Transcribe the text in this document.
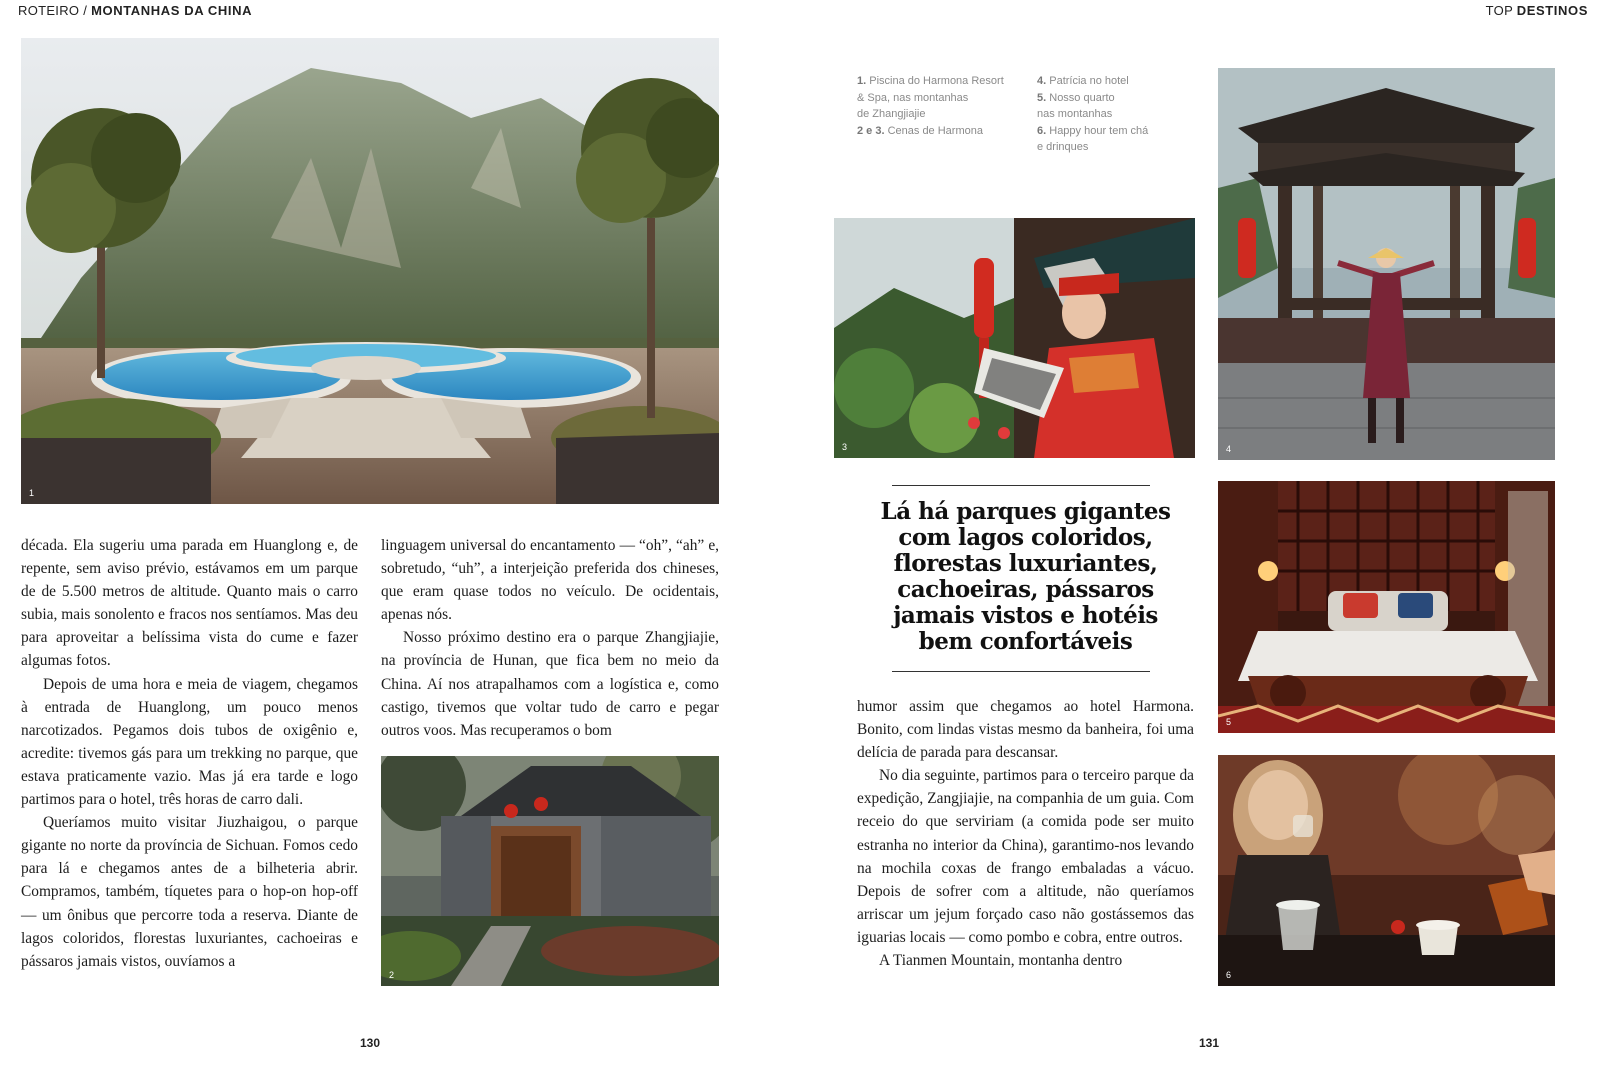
ROTEIRO / MONTANHAS DA CHINA	TOP DESTINOS
1

década. Ela sugeriu uma parada em Huanglong e, de repente, sem aviso prévio, estávamos em um parque de de 5.500 metros de altitude. Quanto mais o carro subia, mais sonolento e fracos nos sentíamos. Mas deu para aproveitar a belíssima vista do cume e fazer algumas fotos.

Depois de uma hora e meia de viagem, chegamos à entrada de Huanglong, um pouco menos narcotizados. Pegamos dois tubos de oxigênio e, acredite: tivemos gás para um trekking no parque, que estava praticamente vazio. Mas já era tarde e logo partimos para o hotel, três horas de carro dali.

Queríamos muito visitar Jiuzhaigou, o parque gigante no norte da província de Sichuan. Fomos cedo para lá e chegamos antes de a bilheteria abrir. Compramos, também, tíquetes para o hop-on hop-off — um ônibus que percorre toda a reserva. Diante de lagos coloridos, florestas luxuriantes, cachoeiras e pássaros jamais vistos, ouvíamos a

linguagem universal do encantamento — “oh”, “ah” e, sobretudo, “uh”, a interjeição preferida dos chineses, que eram quase todos no veículo. De ocidentais, apenas nós.

Nosso próximo destino era o parque Zhangjiajie, na província de Hunan, que fica bem no meio da China. Aí nos atrapalhamos com a logística e, como castigo, tivemos que voltar tudo de carro e pegar outros voos. Mas recuperamos o bom

2
130	131
1. Piscina do Harmona Resort
& Spa, nas montanhas
de Zhangjiajie
2 e 3. Cenas de Harmona
4. Patrícia no hotel
5. Nosso quarto
nas montanhas
6. Happy hour tem chá
e drinques
3
Lá há parques gigantes
com lagos coloridos,
florestas luxuriantes,
cachoeiras, pássaros
jamais vistos e hotéis
bem confortáveis

humor assim que chegamos ao hotel Harmona. Bonito, com lindas vistas mesmo da banheira, foi uma delícia de parada para descansar.

No dia seguinte, partimos para o terceiro parque da expedição, Zangjiajie, na companhia de um guia. Com receio do que serviriam (a comida pode ser muito estranha no interior da China), garantimo-nos levando na mochila coxas de frango embaladas a vácuo. Depois de sofrer com a altitude, não queríamos arriscar um jejum forçado caso não gostássemos das iguarias locais — como pombo e cobra, entre outros.

A Tianmen Mountain, montanha dentro

4
5
6
